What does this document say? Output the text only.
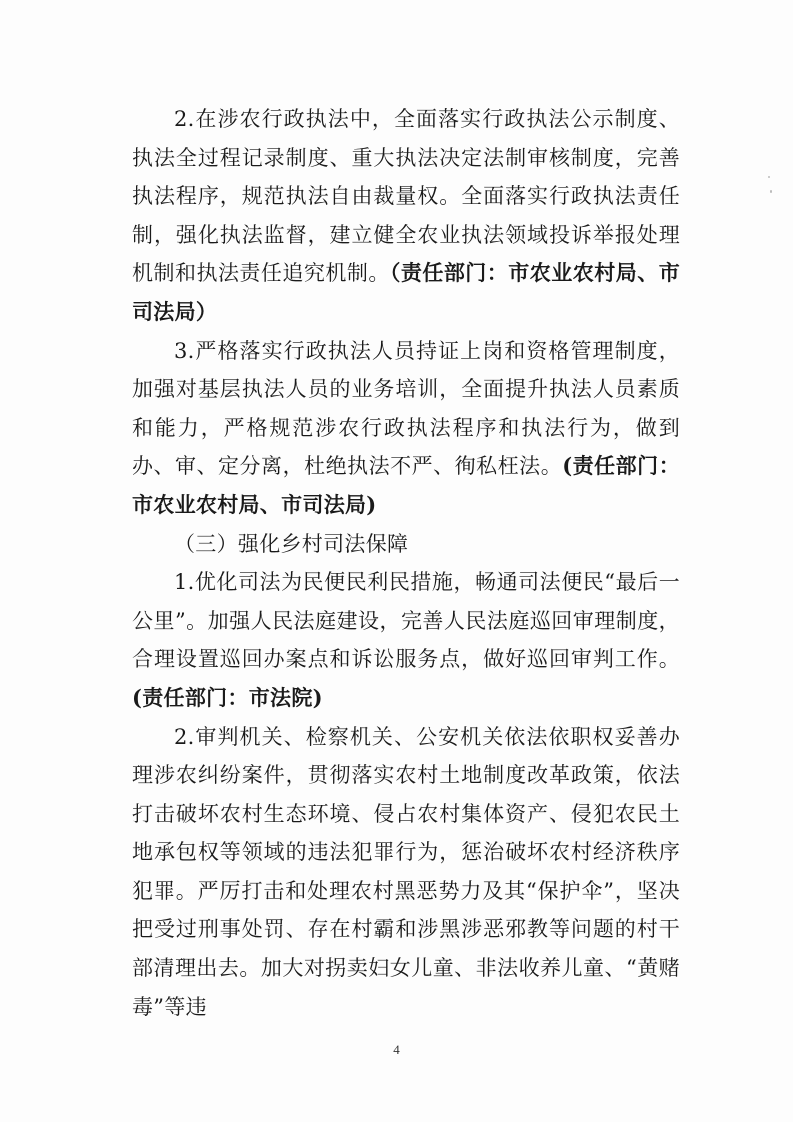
2.在涉农行政执法中，全面落实行政执法公示制度、执法全过程记录制度、重大执法决定法制审核制度，完善执法程序，规范执法自由裁量权。全面落实行政执法责任制，强化执法监督，建立健全农业执法领域投诉举报处理机制和执法责任追究机制。（责任部门：市农业农村局、市司法局）

3.严格落实行政执法人员持证上岗和资格管理制度，加强对基层执法人员的业务培训，全面提升执法人员素质和能力，严格规范涉农行政执法程序和执法行为，做到办、审、定分离，杜绝执法不严、徇私枉法。(责任部门：市农业农村局、市司法局)

（三）强化乡村司法保障

1.优化司法为民便民利民措施，畅通司法便民“最后一公里”。加强人民法庭建设，完善人民法庭巡回审理制度，合理设置巡回办案点和诉讼服务点，做好巡回审判工作。(责任部门：市法院)

2.审判机关、检察机关、公安机关依法依职权妥善办理涉农纠纷案件，贯彻落实农村土地制度改革政策，依法打击破坏农村生态环境、侵占农村集体资产、侵犯农民土地承包权等领域的违法犯罪行为，惩治破坏农村经济秩序犯罪。严厉打击和处理农村黑恶势力及其“保护伞”，坚决把受过刑事处罚、存在村霸和涉黑涉恶邪教等问题的村干部清理出去。加大对拐卖妇女儿童、非法收养儿童、“黄赌毒”等违

4
